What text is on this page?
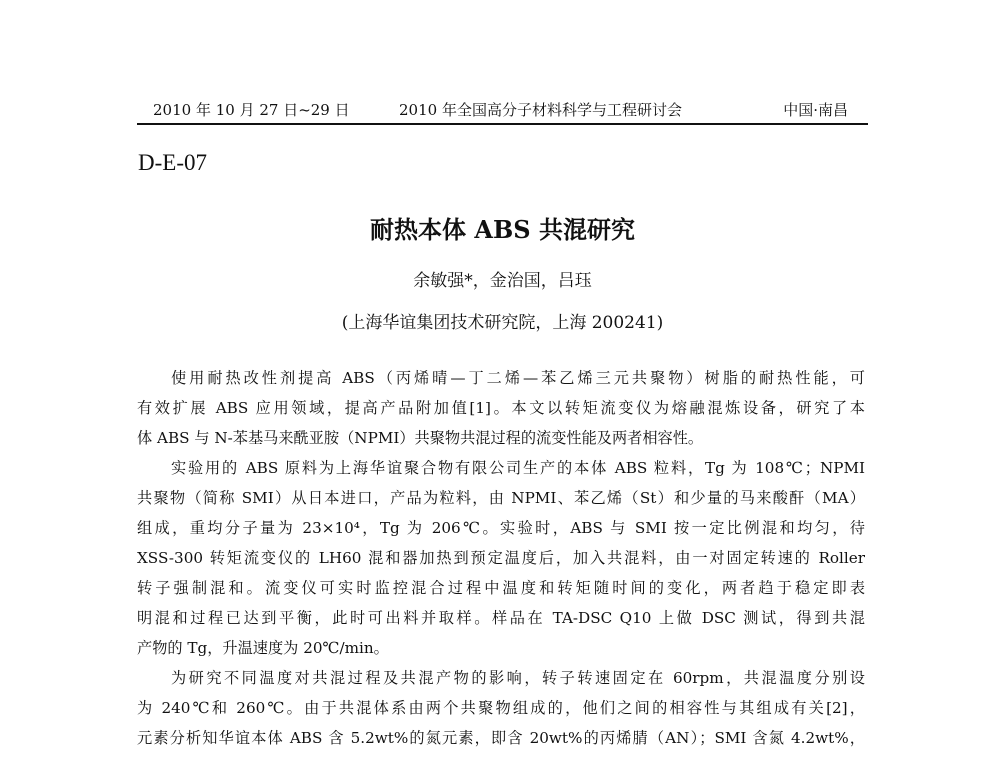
2010 年 10 月 27 日~29 日	2010 年全国高分子材料科学与工程研讨会	中国·南昌
D-E-07
耐热本体 ABS 共混研究
余敏强*，金治国，吕珏
(上海华谊集团技术研究院，上海 200241)
使用耐热改性剂提高 ABS（丙烯晴—丁二烯—苯乙烯三元共聚物）树脂的耐热性能，可
有效扩展 ABS 应用领域，提高产品附加值[1]。本文以转矩流变仪为熔融混炼设备，研究了本
体 ABS 与 N-苯基马来酰亚胺（NPMI）共聚物共混过程的流变性能及两者相容性。
实验用的 ABS 原料为上海华谊聚合物有限公司生产的本体 ABS 粒料，Tg 为 108℃；NPMI
共聚物（简称 SMI）从日本进口，产品为粒料，由 NPMI、苯乙烯（St）和少量的马来酸酐（MA）
组成，重均分子量为 23×10⁴，Tg 为 206℃。实验时，ABS 与 SMI 按一定比例混和均匀，待
XSS-300 转矩流变仪的 LH60 混和器加热到预定温度后，加入共混料，由一对固定转速的 Roller
转子强制混和。流变仪可实时监控混合过程中温度和转矩随时间的变化，两者趋于稳定即表
明混和过程已达到平衡，此时可出料并取样。样品在 TA-DSC Q10 上做 DSC 测试，得到共混
产物的 Tg，升温速度为 20℃/min。
为研究不同温度对共混过程及共混产物的影响，转子转速固定在 60rpm，共混温度分别设
为 240℃和 260℃。由于共混体系由两个共聚物组成的，他们之间的相容性与其组成有关[2]，
元素分析知华谊本体 ABS 含 5.2wt%的氮元素，即含 20wt%的丙烯腈（AN）；SMI 含氮 4.2wt%，
